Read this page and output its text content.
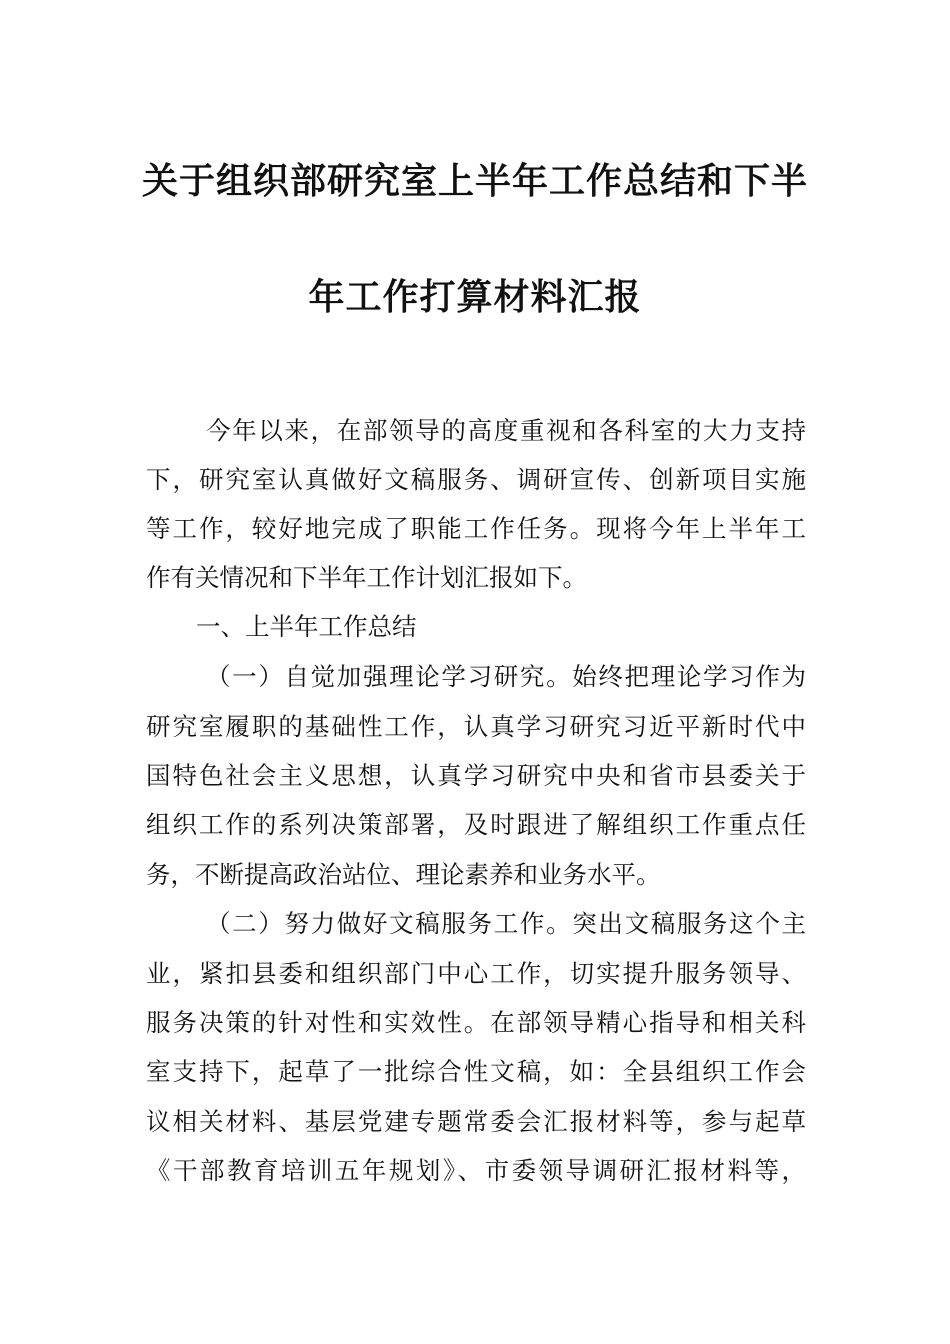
关于组织部研究室上半年工作总结和下半
年工作打算材料汇报
今年以来，在部领导的高度重视和各科室的大力支持
下，研究室认真做好文稿服务、调研宣传、创新项目实施
等工作，较好地完成了职能工作任务。现将今年上半年工
作有关情况和下半年工作计划汇报如下。
一、上半年工作总结
（一）自觉加强理论学习研究。始终把理论学习作为
研究室履职的基础性工作，认真学习研究习近平新时代中
国特色社会主义思想，认真学习研究中央和省市县委关于
组织工作的系列决策部署，及时跟进了解组织工作重点任
务，不断提高政治站位、理论素养和业务水平。
（二）努力做好文稿服务工作。突出文稿服务这个主
业，紧扣县委和组织部门中心工作，切实提升服务领导、
服务决策的针对性和实效性。在部领导精心指导和相关科
室支持下，起草了一批综合性文稿，如：全县组织工作会
议相关材料、基层党建专题常委会汇报材料等，参与起草
《干部教育培训五年规划》、市委领导调研汇报材料等，
